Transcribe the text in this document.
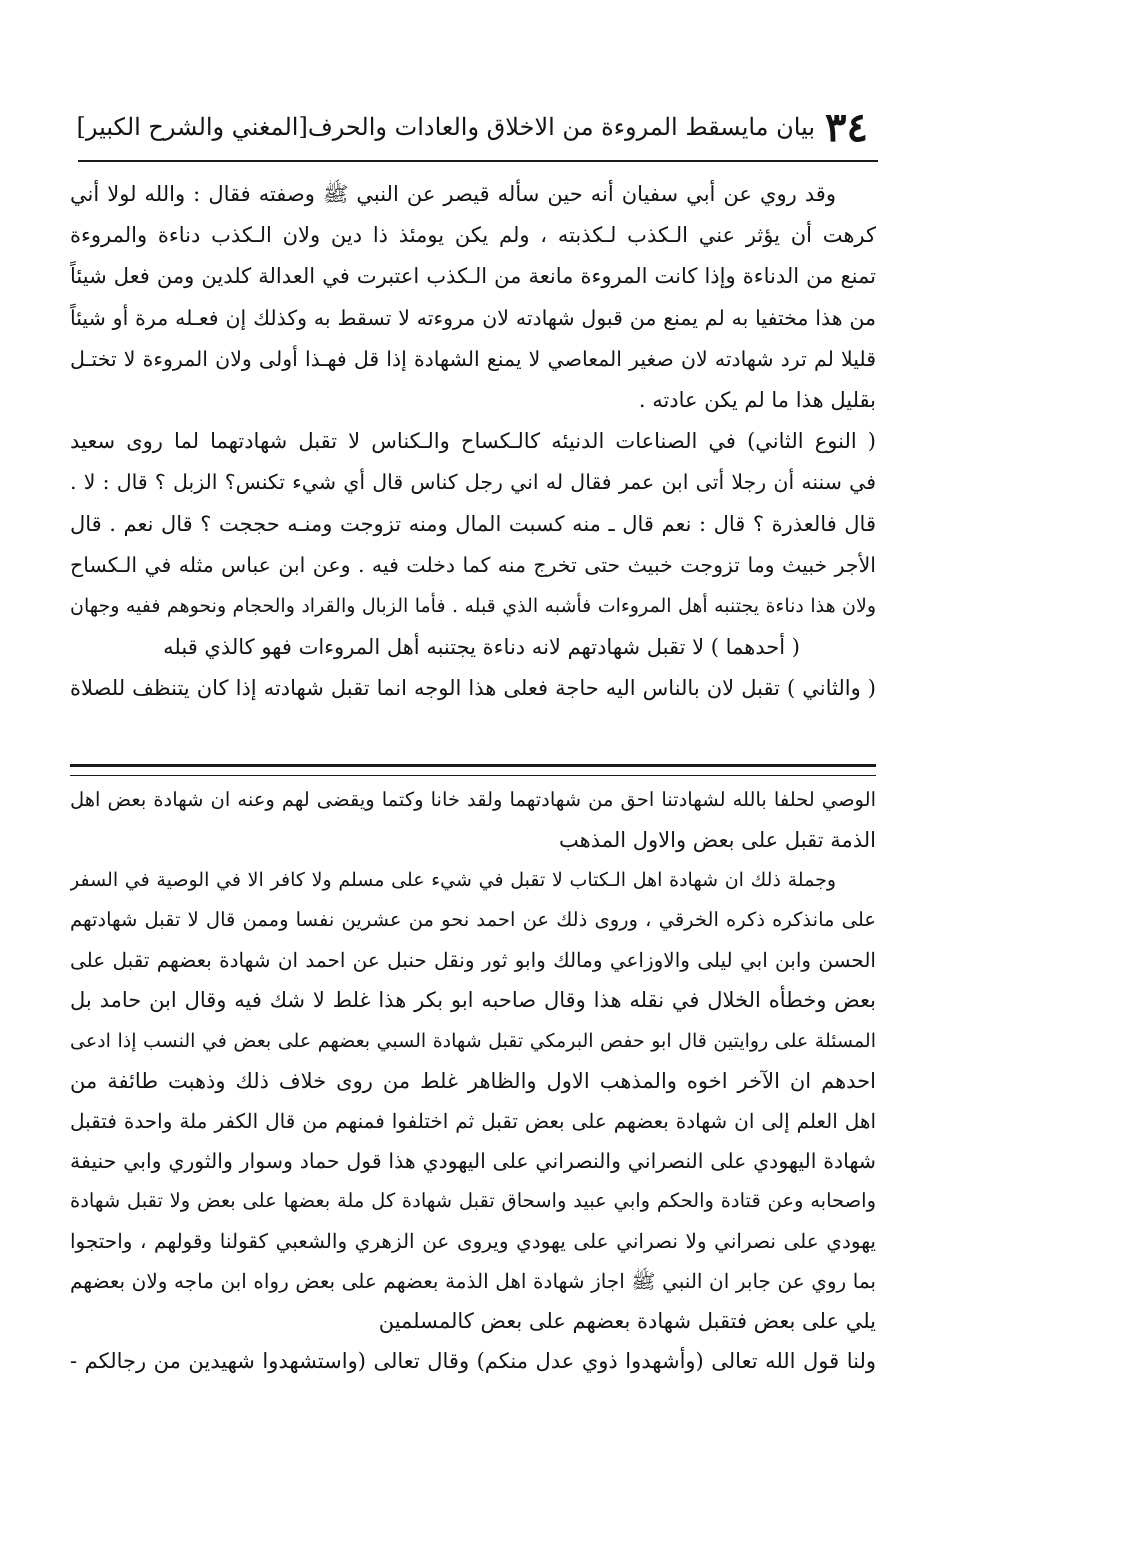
٣٤
بيان مايسقط المروءة من الاخلاق والعادات والحرف
[المغني والشرح الكبير]
وقد روي عن أبي سفيان أنه حين سأله قيصر عن النبي ﷺ وصفته فقال : والله لولا أني
كرهت أن يؤثر عني الـكذب لـكذبته ، ولم يكن يومئذ ذا دين ولان الـكذب دناءة والمروءة
تمنع من الدناءة وإذا كانت المروءة مانعة من الـكذب اعتبرت في العدالة كلدين ومن فعل شيئاً
من هذا مختفيا به لم يمنع من قبول شهادته لان مروءته لا تسقط به وكذلك إن فعـله مرة أو شيئاً
قليلا لم ترد شهادته لان صغير المعاصي لا يمنع الشهادة إذا قل فهـذا أولى ولان المروءة لا تختـل
بقليل هذا ما لم يكن عادته .
( النوع الثاني) في الصناعات الدنيئه كالـكساح والـكناس لا تقبل شهادتهما لما روى سعيد
في سننه أن رجلا أتى ابن عمر فقال له اني رجل كناس قال أي شيء تكنس؟ الزبل ؟ قال : لا .
قال فالعذرة ؟ قال : نعم قال ـ منه كسبت المال ومنه تزوجت ومنـه حججت ؟ قال نعم . قال
الأجر خبيث وما تزوجت خبيث حتى تخرج منه كما دخلت فيه . وعن ابن عباس مثله في الـكساح
ولان هذا دناءة يجتنبه أهل المروءات فأشبه الذي قبله . فأما الزبال والقراد والحجام ونحوهم ففيه وجهان
( أحدهما ) لا تقبل شهادتهم لانه دناءة يجتنبه أهل المروءات فهو كالذي قبله
( والثاني ) تقبل لان بالناس اليه حاجة فعلى هذا الوجه انما تقبل شهادته إذا كان يتنظف للصلاة
الوصي لحلفا بالله لشهادتنا احق من شهادتهما ولقد خانا وكتما ويقضى لهم وعنه ان شهادة بعض اهل
الذمة تقبل على بعض والاول المذهب
وجملة ذلك ان شهادة اهل الـكتاب لا تقبل في شيء على مسلم ولا كافر الا في الوصية في السفر
على مانذكره ذكره الخرقي ، وروى ذلك عن احمد نحو من عشرين نفسا وممن قال لا تقبل شهادتهم
الحسن وابن ابي ليلى والاوزاعي ومالك وابو ثور ونقل حنبل عن احمد ان شهادة بعضهم تقبل على
بعض وخطأه الخلال في نقله هذا وقال صاحبه ابو بكر هذا غلط لا شك فيه وقال ابن حامد بل
المسئلة على روايتين قال ابو حفص البرمكي تقبل شهادة السبي بعضهم على بعض في النسب إذا ادعى
احدهم ان الآخر اخوه والمذهب الاول والظاهر غلط من روى خلاف ذلك وذهبت طائفة من
اهل العلم إلى ان شهادة بعضهم على بعض تقبل ثم اختلفوا فمنهم من قال الكفر ملة واحدة فتقبل
شهادة اليهودي على النصراني والنصراني على اليهودي هذا قول حماد وسوار والثوري وابي حنيفة
واصحابه وعن قتادة والحكم وابي عبيد واسحاق تقبل شهادة كل ملة بعضها على بعض ولا تقبل شهادة
يهودي على نصراني ولا نصراني على يهودي ويروى عن الزهري والشعبي كقولنا وقولهم ، واحتجوا
بما روي عن جابر ان النبي ﷺ اجاز شهادة اهل الذمة بعضهم على بعض رواه ابن ماجه ولان بعضهم
يلي على بعض فتقبل شهادة بعضهم على بعض كالمسلمين
ولنا قول الله تعالى (وأشهدوا ذوي عدل منكم) وقال تعالى (واستشهدوا شهيدين من رجالكم -
